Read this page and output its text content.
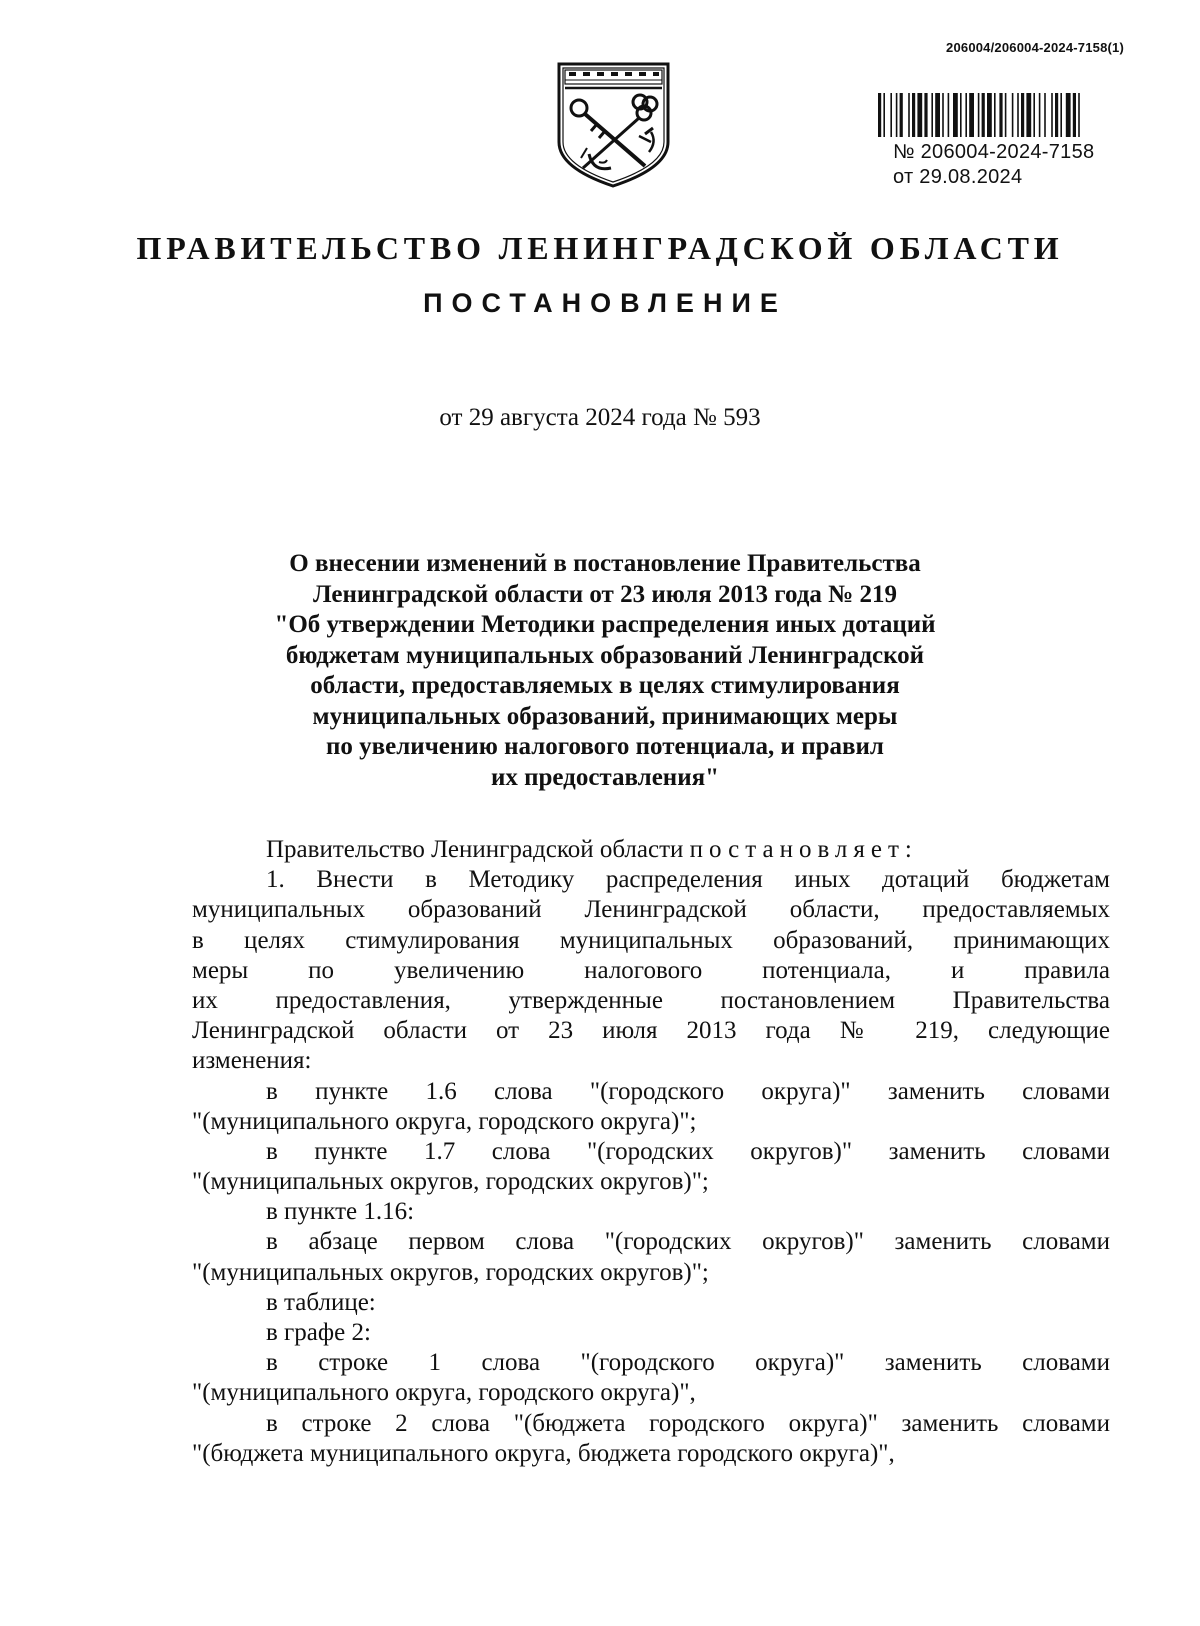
206004/206004-2024-7158(1)
№ 206004-2024-7158
от 29.08.2024
ПРАВИТЕЛЬСТВО ЛЕНИНГРАДСКОЙ ОБЛАСТИ
ПОСТАНОВЛЕНИЕ
от 29 августа 2024 года № 593
О внесении изменений в постановление Правительства
Ленинградской области от 23 июля 2013 года № 219
"Об утверждении Методики распределения иных дотаций
бюджетам муниципальных образований Ленинградской
области, предоставляемых в целях стимулирования
муниципальных образований, принимающих меры
по увеличению налогового потенциала, и правил
их предоставления"
Правительство Ленинградской области постановляет:
1. Внести в Методику распределения иных дотаций бюджетам
муниципальных образований Ленинградской области, предоставляемых
в целях стимулирования муниципальных образований, принимающих
меры по увеличению налогового потенциала, и правила
их предоставления, утвержденные постановлением Правительства
Ленинградской области от 23 июля 2013 года № 219, следующие
изменения:
в пункте 1.6 слова "(городского округа)" заменить словами
"(муниципального округа, городского округа)";
в пункте 1.7 слова "(городских округов)" заменить словами
"(муниципальных округов, городских округов)";
в пункте 1.16:
в абзаце первом слова "(городских округов)" заменить словами
"(муниципальных округов, городских округов)";
в таблице:
в графе 2:
в строке 1 слова "(городского округа)" заменить словами
"(муниципального округа, городского округа)",
в строке 2 слова "(бюджета городского округа)" заменить словами
"(бюджета муниципального округа, бюджета городского округа)",
